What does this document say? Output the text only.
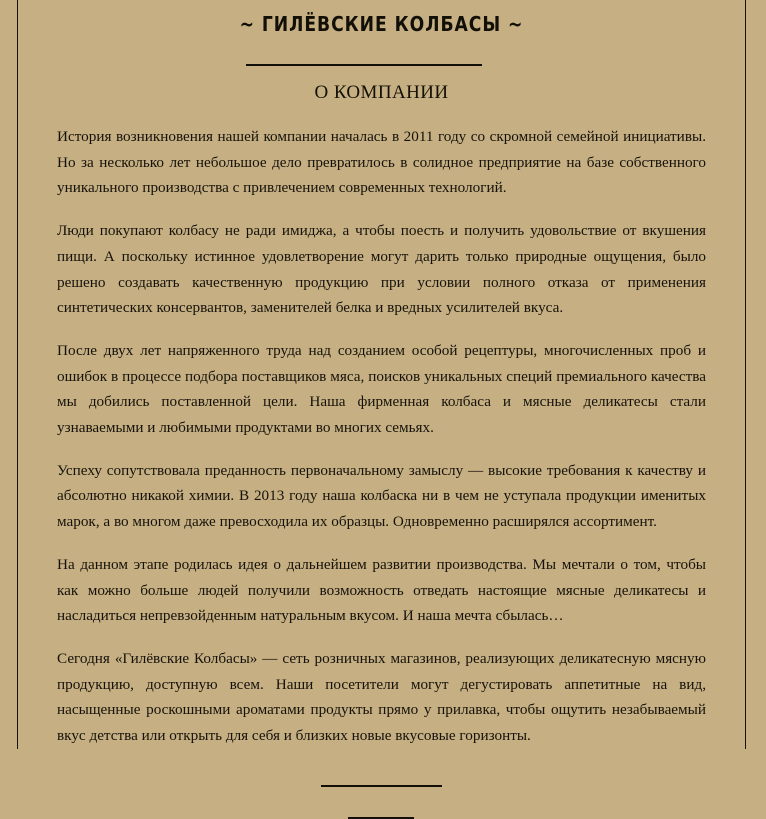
~ ГИЛЁВСКИЕ КОЛБАСЫ ~
О КОМПАНИИ

История возникновения нашей компании началась в 2011 году со скромной семейной инициативы. Но за несколько лет небольшое дело превратилось в солидное предприятие на базе собственного уникального производства с привлечением современных технологий.

Люди покупают колбасу не ради имиджа, а чтобы поесть и получить удовольствие от вкушения пищи. А поскольку истинное удовлетворение могут дарить только природные ощущения, было решено создавать качественную продукцию при условии полного отказа от применения синтетических консервантов, заменителей белка и вредных усилителей вкуса.

После двух лет напряженного труда над созданием особой рецептуры, многочисленных проб и ошибок в процессе подбора поставщиков мяса, поисков уникальных специй премиального качества мы добились поставленной цели. Наша фирменная колбаса и мясные деликатесы стали узнаваемыми и любимыми продуктами во многих семьях.

Успеху сопутствовала преданность первоначальному замыслу — высокие требования к качеству и абсолютно никакой химии. В 2013 году наша колбаска ни в чем не уступала продукции именитых марок, а во многом даже превосходила их образцы. Одновременно расширялся ассортимент.

На данном этапе родилась идея о дальнейшем развитии производства. Мы мечтали о том, чтобы как можно больше людей получили возможность отведать настоящие мясные деликатесы и насладиться непревзойденным натуральным вкусом. И наша мечта сбылась…

Сегодня «Гилёвские Колбасы» — сеть розничных магазинов, реализующих деликатесную мясную продукцию, доступную всем. Наши посетители могут дегустировать аппетитные на вид, насыщенные роскошными ароматами продукты прямо у прилавка, чтобы ощутить незабываемый вкус детства или открыть для себя и близких новые вкусовые горизонты.
